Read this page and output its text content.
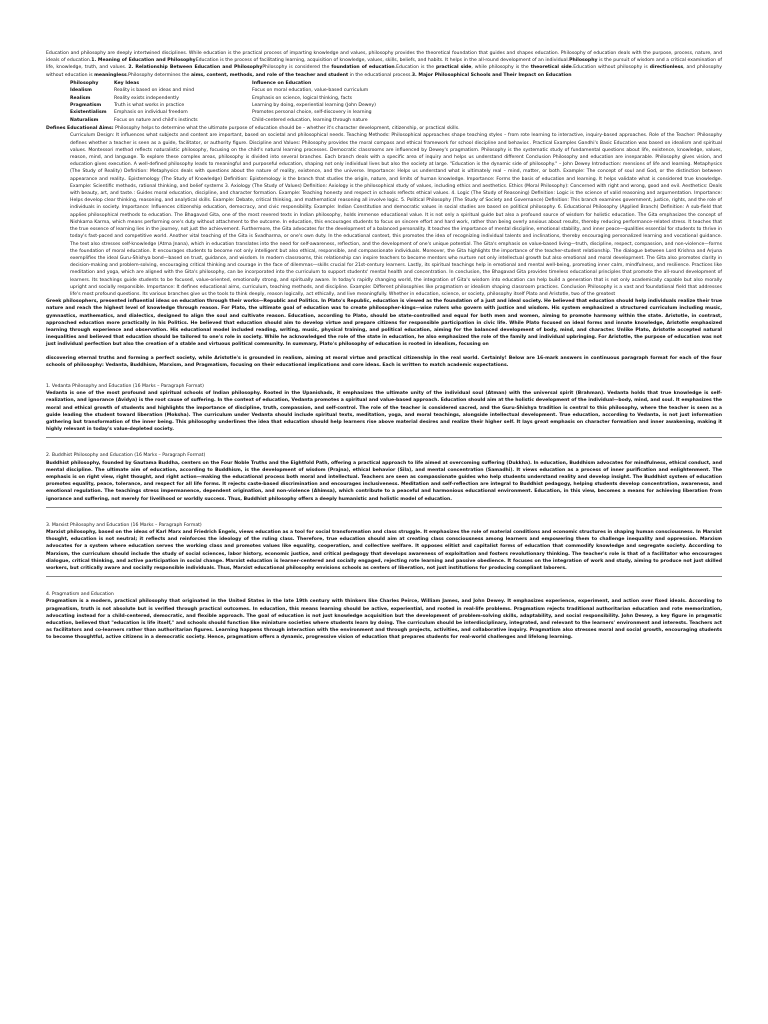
Education and philosophy are deeply intertwined disciplines. While education is the practical process of imparting knowledge and values, philosophy provides the theoretical foundation that guides and shapes education. Philosophy of education deals with the purpose, process, nature, and ideals of education.1. Meaning of Education and PhilosophyEducation is the process of facilitating learning, acquisition of knowledge, values, skills, beliefs, and habits. It helps in the all-round development of an individual.Philosophy is the pursuit of wisdom and a critical examination of life, knowledge, truth, and values. 2. Relationship Between Education and PhilosophyPhilosophy is considered the foundation of education.Education is the practical side, while philosophy is the theoretical side.Education without philosophy is directionless, and philosophy without education is meaningless.Philosophy determines the aims, content, methods, and role of the teacher and student in the educational process.3. Major Philosophical Schools and Their Impact on Education

Philosophy	Key Ideas	Influence on Education
Idealism	Reality is based on ideas and mind	Focus on moral education, value-based curriculum
Realism	Reality exists independently	Emphasis on science, logical thinking, facts
Pragmatism	Truth is what works in practice	Learning by doing, experiential learning (John Dewey)
Existentialism	Emphasis on individual freedom	Promotes personal choice, self-discovery in learning
Naturalism	Focus on nature and child's instincts	Child-centered education, learning through nature

Defines Educational Aims: Philosophy helps to determine what the ultimate purpose of education should be – whether it's character development, citizenship, or practical skills.

Curriculum Design: It influences what subjects and content are important, based on societal and philosophical needs. Teaching Methods: Philosophical approaches shape teaching styles – from rote learning to interactive, inquiry-based approaches. Role of the Teacher: Philosophy defines whether a teacher is seen as a guide, facilitator, or authority figure. Discipline and Values: Philosophy provides the moral compass and ethical framework for school discipline and behavior.. Practical Examples Gandhi's Basic Education was based on idealism and spiritual values. Montessori method reflects naturalistic philosophy, focusing on the child's natural learning processes. Democratic classrooms are influenced by Dewey's pragmatism. Philosophy is the systematic study of fundamental questions about life, existence, knowledge, values, reason, mind, and language. To explore these complex areas, philosophy is divided into several branches. Each branch deals with a specific area of inquiry and helps us understand different Conclusion Philosophy and education are inseparable. Philosophy gives vision, and education gives execution. A well-defined philosophy leads to meaningful and purposeful education, shaping not only individual lives but also the society at large. "Education is the dynamic side of philosophy." – John Dewey Introduction: mensions of life and learning. Metaphysics (The Study of Reality) Definition: Metaphysics deals with questions about the nature of reality, existence, and the universe. Importance: Helps us understand what is ultimately real – mind, matter, or both. Example: The concept of soul and God, or the distinction between appearance and reality.. Epistemology (The Study of Knowledge) Definition: Epistemology is the branch that studies the origin, nature, and limits of human knowledge. Importance: Forms the basis of education and learning. It helps validate what is considered true knowledge. Example: Scientific methods, rational thinking, and belief systems 3. Axiology (The Study of Values) Definition: Axiology is the philosophical study of values, including ethics and aesthetics. Ethics (Moral Philosophy): Concerned with right and wrong, good and evil. Aesthetics: Deals with beauty, art, and taste.: Guides moral education, discipline, and character formation. Example: Teaching honesty and respect in schools reflects ethical values. 4. Logic (The Study of Reasoning) Definition: Logic is the science of valid reasoning and argumentation. Importance: Helps develop clear thinking, reasoning, and analytical skills. Example: Debate, critical thinking, and mathematical reasoning all involve logic. 5. Political Philosophy (The Study of Society and Governance) Definition: This branch examines government, justice, rights, and the role of individuals in society. Importance: Influences citizenship education, democracy, and civic responsibility. Example: Indian Constitution and democratic values in social studies are based on political philosophy. 6. Educational Philosophy (Applied Branch) Definition: A sub-field that applies philosophical methods to education. The Bhagavad Gita, one of the most revered texts in Indian philosophy, holds immense educational value. It is not only a spiritual guide but also a profound source of wisdom for holistic education. The Gita emphasizes the concept of Nishkama Karma, which means performing one's duty without attachment to the outcome. In education, this encourages students to focus on sincere effort and hard work, rather than being overly anxious about results, thereby reducing performance-related stress. It teaches that the true essence of learning lies in the journey, not just the achievement. Furthermore, the Gita advocates for the development of a balanced personality. It teaches the importance of mental discipline, emotional stability, and inner peace—qualities essential for students to thrive in today's fast-paced and competitive world. Another vital teaching of the Gita is Svadharma, or one's own duty. In the educational context, this promotes the idea of recognizing individual talents and inclinations, thereby encouraging personalized learning and vocational guidance. The text also stresses self-knowledge (Atma Jnana), which in education translates into the need for self-awareness, reflection, and the development of one's unique potential. The Gita's emphasis on value-based living—truth, discipline, respect, compassion, and non-violence—forms the foundation of moral education. It encourages students to become not only intelligent but also ethical, responsible, and compassionate individuals. Moreover, the Gita highlights the importance of the teacher-student relationship. The dialogue between Lord Krishna and Arjuna exemplifies the ideal Guru-Shishya bond—based on trust, guidance, and wisdom. In modern classrooms, this relationship can inspire teachers to become mentors who nurture not only intellectual growth but also emotional and moral development. The Gita also promotes clarity in decision-making and problem-solving, encouraging critical thinking and courage in the face of dilemmas—skills crucial for 21st-century learners. Lastly, its spiritual teachings help in emotional and mental well-being, promoting inner calm, mindfulness, and resilience. Practices like meditation and yoga, which are aligned with the Gita's philosophy, can be incorporated into the curriculum to support students' mental health and concentration. In conclusion, the Bhagavad Gita provides timeless educational principles that promote the all-round development of learners. Its teachings guide students to be focused, value-oriented, emotionally strong, and spiritually aware. In today's rapidly changing world, the integration of Gita's wisdom into education can help build a generation that is not only academically capable but also morally upright and socially responsible. Importance: It defines educational aims, curriculum, teaching methods, and discipline. Example: Different philosophies like pragmatism or idealism shaping classroom practices. Conclusion Philosophy is a vast and foundational field that addresses life's most profound questions. Its various branches give us the tools to think deeply, reason logically, act ethically, and live meaningfully. Whether in education, science, or society, philosophy itself Plato and Aristotle, two of the greatest

Greek philosophers, presented influential ideas on education through their works—Republic and Politics. In Plato's Republic, education is viewed as the foundation of a just and ideal society. He believed that education should help individuals realize their true nature and reach the highest level of knowledge through reason. For Plato, the ultimate goal of education was to create philosopher-kings—wise rulers who govern with justice and wisdom. His system emphasized a structured curriculum including music, gymnastics, mathematics, and dialectics, designed to align the soul and cultivate reason. Education, according to Plato, should be state-controlled and equal for both men and women, aiming to promote harmony within the state. Aristotle, in contrast, approached education more practically in his Politics. He believed that education should aim to develop virtue and prepare citizens for responsible participation in civic life. While Plato focused on ideal forms and innate knowledge, Aristotle emphasized learning through experience and observation. His educational model included reading, writing, music, physical training, and political education, aiming for the balanced development of body, mind, and character. Unlike Plato, Aristotle accepted natural inequalities and believed that education should be tailored to one's role in society. While he acknowledged the role of the state in education, he also emphasized the role of the family and individual upbringing. For Aristotle, the purpose of education was not just individual perfection but also the creation of a stable and virtuous political community. In summary, Plato's philosophy of education is rooted in idealism, focusing on

discovering eternal truths and forming a perfect society, while Aristotle's is grounded in realism, aiming at moral virtue and practical citizenship in the real world. Certainly! Below are 16-mark answers in continuous paragraph format for each of the four schools of philosophy: Vedanta, Buddhism, Marxism, and Pragmatism, focusing on their educational implications and core ideas. Each is written to match academic expectations.

1. Vedanta Philosophy and Education (16 Marks – Paragraph Format)

Vedanta is one of the most profound and spiritual schools of Indian philosophy. Rooted in the Upanishads, it emphasizes the ultimate unity of the individual soul (Atman) with the universal spirit (Brahman). Vedanta holds that true knowledge is self-realization, and ignorance (Avidya) is the root cause of suffering. In the context of education, Vedanta promotes a spiritual and value-based approach. Education should aim at the holistic development of the individual—body, mind, and soul. It emphasizes the moral and ethical growth of students and highlights the importance of discipline, truth, compassion, and self-control. The role of the teacher is considered sacred, and the Guru-Shishya tradition is central to this philosophy, where the teacher is seen as a guide leading the student toward liberation (Moksha). The curriculum under Vedanta should include spiritual texts, meditation, yoga, and moral teachings, alongside intellectual development. True education, according to Vedanta, is not just information gathering but transformation of the inner being. This philosophy underlines the idea that education should help learners rise above material desires and realize their higher self. It lays great emphasis on character formation and inner awakening, making it highly relevant in today's value-depleted society.

2. Buddhist Philosophy and Education (16 Marks – Paragraph Format)

Buddhist philosophy, founded by Gautama Buddha, centers on the Four Noble Truths and the Eightfold Path, offering a practical approach to life aimed at overcoming suffering (Dukkha). In education, Buddhism advocates for mindfulness, ethical conduct, and mental discipline. The ultimate aim of education, according to Buddhism, is the development of wisdom (Prajna), ethical behavior (Sila), and mental concentration (Samadhi). It views education as a process of inner purification and enlightenment. The emphasis is on right view, right thought, and right action—making the educational process both moral and intellectual. Teachers are seen as compassionate guides who help students understand reality and develop insight. The Buddhist system of education promotes equality, peace, tolerance, and respect for all life forms. It rejects caste-based discrimination and encourages inclusiveness. Meditation and self-reflection are integral to Buddhist pedagogy, helping students develop concentration, awareness, and emotional regulation. The teachings stress impermanence, dependent origination, and non-violence (Ahimsa), which contribute to a peaceful and harmonious educational environment. Education, in this view, becomes a means for achieving liberation from ignorance and suffering, not merely for livelihood or worldly success. Thus, Buddhist philosophy offers a deeply humanistic and holistic model of education.

3. Marxist Philosophy and Education (16 Marks – Paragraph Format)

Marxist philosophy, based on the ideas of Karl Marx and Friedrich Engels, views education as a tool for social transformation and class struggle. It emphasizes the role of material conditions and economic structures in shaping human consciousness. In Marxist thought, education is not neutral; it reflects and reinforces the ideology of the ruling class. Therefore, true education should aim at creating class consciousness among learners and empowering them to challenge inequality and oppression. Marxism advocates for a system where education serves the working class and promotes values like equality, cooperation, and collective welfare. It opposes elitist and capitalist forms of education that commodify knowledge and segregate society. According to Marxism, the curriculum should include the study of social sciences, labor history, economic justice, and critical pedagogy that develops awareness of exploitation and fosters revolutionary thinking. The teacher's role is that of a facilitator who encourages dialogue, critical thinking, and active participation in social change. Marxist education is learner-centered and socially engaged, rejecting rote learning and passive obedience. It focuses on the integration of work and study, aiming to produce not just skilled workers, but critically aware and socially responsible individuals. Thus, Marxist educational philosophy envisions schools as centers of liberation, not just institutions for producing compliant laborers.

4. Pragmatism and Education

Pragmatism is a modern, practical philosophy that originated in the United States in the late 19th century with thinkers like Charles Peirce, William James, and John Dewey. It emphasizes experience, experiment, and action over fixed ideals. According to pragmatism, truth is not absolute but is verified through practical outcomes. In education, this means learning should be active, experiential, and rooted in real-life problems. Pragmatism rejects traditional authoritarian education and rote memorization, advocating instead for a child-centered, democratic, and flexible approach. The goal of education is not just knowledge acquisition but the development of problem-solving skills, adaptability, and social responsibility. John Dewey, a key figure in pragmatic education, believed that "education is life itself," and schools should function like miniature societies where students learn by doing. The curriculum should be interdisciplinary, integrated, and relevant to the learners' environment and interests. Teachers act as facilitators and co-learners rather than authoritarian figures. Learning happens through interaction with the environment and through projects, activities, and collaborative inquiry. Pragmatism also stresses moral and social growth, encouraging students to become thoughtful, active citizens in a democratic society. Hence, pragmatism offers a dynamic, progressive vision of education that prepares students for real-world challenges and lifelong learning.
